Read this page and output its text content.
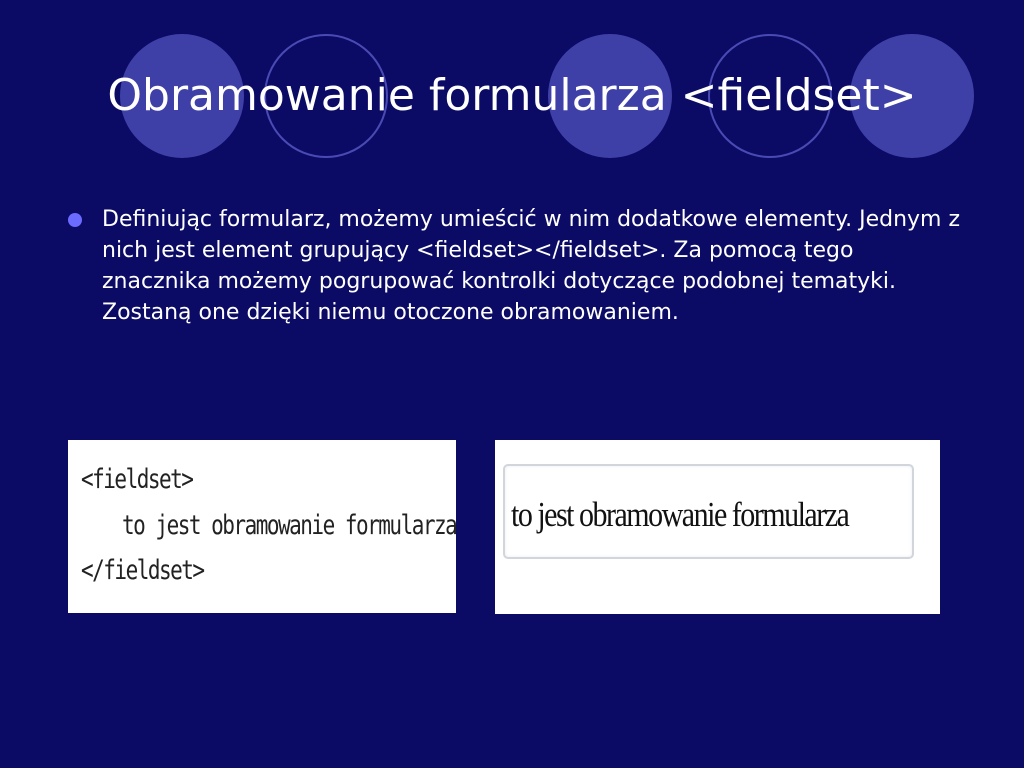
Obramowanie formularza <fieldset>
Definiując formularz, możemy umieścić w nim dodatkowe elementy. Jednym z nich jest element grupujący <fieldset></fieldset>. Za pomocą tego znacznika możemy pogrupować kontrolki dotyczące podobnej tematyki. Zostaną one dzięki niemu otoczone obramowaniem.
<fieldset>
to jest obramowanie formularza
</fieldset>
to jest obramowanie formularza
